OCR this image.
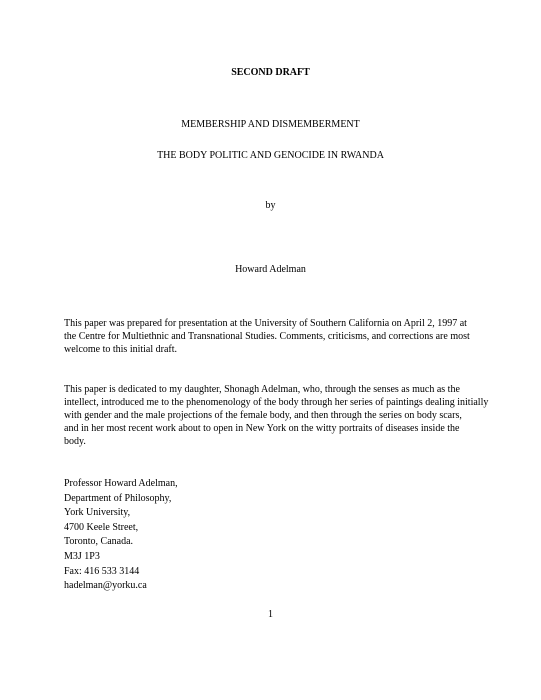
SECOND DRAFT
MEMBERSHIP AND DISMEMBERMENT
THE BODY POLITIC AND GENOCIDE IN RWANDA
by
Howard Adelman

This paper was prepared for presentation at the University of Southern California on April 2, 1997 at

the Centre for Multiethnic and Transnational Studies. Comments, criticisms, and corrections are most

welcome to this initial draft.

This paper is dedicated to my daughter, Shonagh Adelman, who, through the senses as much as the

intellect, introduced me to the phenomenology of the body through her series of paintings dealing initially

with gender and the male projections of the female body, and then through the series on body scars,

and in her most recent work about to open in New York on the witty portraits of diseases inside the

body.

Professor Howard Adelman,
Department of Philosophy,
York University,
4700 Keele Street,
Toronto, Canada.
M3J 1P3
Fax: 416 533 3144
hadelman@yorku.ca
1
